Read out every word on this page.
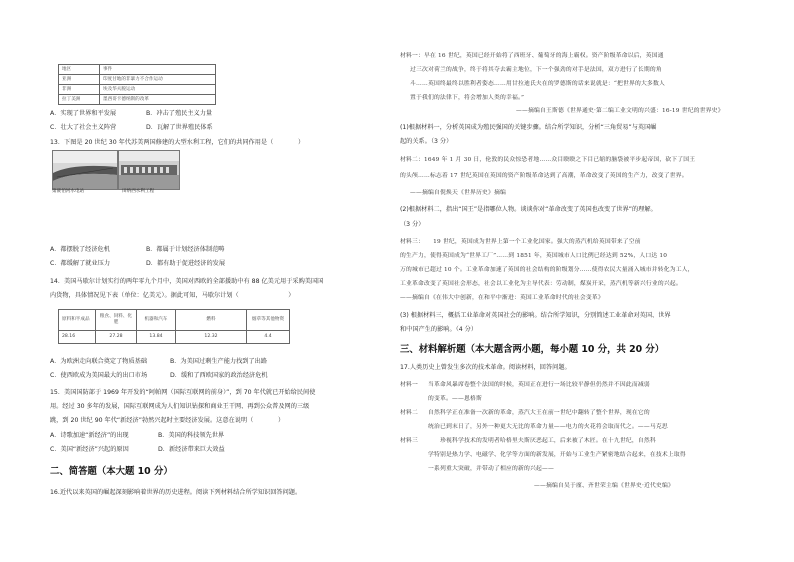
地区	事件
亚洲	印度甘地的非暴力不合作运动
非洲	埃及华夫脱运动
拉丁美洲	墨西哥卡德纳斯的改革
A．实现了世界和平发展	B．冲击了殖民主义力量
C．壮大了社会主义阵营	D．瓦解了世界殖民体系
13．下图是 20 世纪 30 年代苏美两国修建的大型水利工程，它们的共同作用是（　　　　）
第聂伯河水电站	田纳西水利工程
A．都摆脱了经济危机	B．都属于计划经济体制范畴
C．都缓解了就业压力	D．都有助于促进经济的发展
14．美国马歇尔计划实行的两年零九个月中，美国对西欧的全部援助中有 88 亿美元用于采购美国国
内货物，具体情况见下表（单位：亿美元）。据此可知，马歇尔计划（　　　　　　　　）
原料和半成品	粮食、饲料、化肥	机器和汽车	燃料	烟草等其他物资
28.16	27.28	13.84	12.32	4.4
A．为欧洲走向联合奠定了物质基础	B．为美国过剩生产能力找到了出路
C．使西欧成为美国最大的出口市场	D．缓和了西欧国家的政治经济危机
15．美国国防部于 1969 年开发的“阿帕网（国际互联网的前身）”，到 70 年代就已开始给民间使
用。经过 30 多年的发展，国际互联网成为人们知识钻探和商业王干网、再到公众普及网的三级
跳，到 20 世纪 90 年代“新经济”勃然兴起时主要经济发展。这意在说明（　　　　）
A．诗歌加速“新经济”的出现	B．美国的科技领先世界
C．美国“新经济”兴起的原因	D．新经济带来巨大效益
二、简答题（本大题 10 分）
16.近代以来英国的崛起深刻影响着世界的历史进程。阅读下列材料结合所学知识回答问题。
材料一：早在 16 世纪，英国已经开始将了西班牙、葡萄牙的海上霸权。资产阶级革命以后，英国通
过三次对荷兰的战争，终于将其夺去霸主地位，下一个强劲的对手是法国，双方进行了长期的角
斗……英国终最终以胜利者姿态……用甘拉迪氏夫在的罗德斯的话来说就是：“把世界的大多数人
置于我们的法律下，将会增加人类的幸福。”
——摘编自王斯德《世界通史·第二编工业文明的兴盛：16-19 世纪的世界史》
(1)根据材料一，分析英国成为殖民强国的关键步骤。结合所学知识，分析“三角贸易”与英国崛
起的关系。（3 分）
材料二：1649 年 1 月 30 日，伦敦的民众惊恐者地……众目睽睽之下目已缩的脑袋被平步起帝国，砍下了国王
的头颅……标志着 17 世纪英国在英国的资产阶级革命达到了高潮，革命改变了英国的生产力，改变了世界。
——摘编自倪焕天《世界历史》摘编
(2)根据材料二，指出“国王”是指哪位人物。谈谈你对“革命改变了英国也改变了世界”的理解。
（3 分）
材料三：　　19 世纪，英国成为世界上第一个工业化国家。强大的蒸汽机给英国带来了空前
的生产力，使得英国成为“世界工厂”……到 1851 年，英国城市人口比例已经达到 52%，人口达 10
万的城市已超过 10 个。工业革命加速了英国的社会结构的阶级划分……使得农民大量涌入城市并转化为工人，
工业革命改变了英国社会形态，社会以工业化为主导代表：劳动制，煤炭开采，蒸汽机等新兴行业的兴起。
——摘编自《在伟大中创新，在和平中渐进：英国工业革命时代的社会变革》
(3) 根据材料三，概括工业革命对英国社会的影响。结合所学知识，分别简述工业革命对英国、世界
和中国产生的影响。（4 分）
三、材料解析题（本大题含两小题，每小题 10 分，共 20 分）
17.人类历史上曾发生多次的技术革命。阅读材料，回答问题。
材料一 当革命风暴席卷整个法国的时候，英国正在进行一场比较平静但仍然并不因此而减弱
的变革。——恩格斯
材料二 自然科学正在准备一次新的革命，蒸汽大王在前一世纪中翻转了整个世界，现在它的
统治已到末日了，另外一种更大无比的革命力量——电力的火花将会取而代之。——马克思
材料三 　　珍视科学技术的发明者哈格里夫斯厌恶起工，后来被了木匠。在十九世纪，自然科
学特别是热力学、电磁学、化学等方面的新发展，开始与工业生产紧密地结合起来，在技术上取得
一系列重大突破，并带动了相应的新的兴起——
——摘编自吴于廑、齐世荣主编《世界史·近代史编》
